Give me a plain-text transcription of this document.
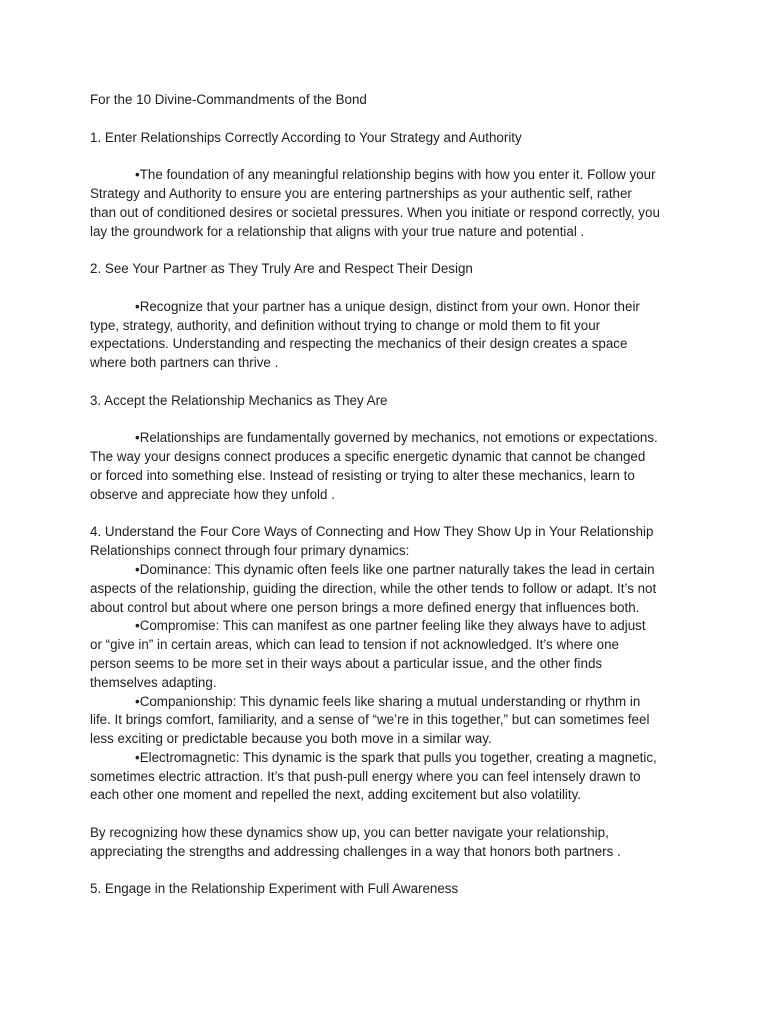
For the 10 Divine-Commandments of the Bond
1. Enter Relationships Correctly According to Your Strategy and Authority
•The foundation of any meaningful relationship begins with how you enter it. Follow your
Strategy and Authority to ensure you are entering partnerships as your authentic self, rather
than out of conditioned desires or societal pressures. When you initiate or respond correctly, you
lay the groundwork for a relationship that aligns with your true nature and potential .
2. See Your Partner as They Truly Are and Respect Their Design
•Recognize that your partner has a unique design, distinct from your own. Honor their
type, strategy, authority, and definition without trying to change or mold them to fit your
expectations. Understanding and respecting the mechanics of their design creates a space
where both partners can thrive .
3. Accept the Relationship Mechanics as They Are
•Relationships are fundamentally governed by mechanics, not emotions or expectations.
The way your designs connect produces a specific energetic dynamic that cannot be changed
or forced into something else. Instead of resisting or trying to alter these mechanics, learn to
observe and appreciate how they unfold .
4. Understand the Four Core Ways of Connecting and How They Show Up in Your Relationship
Relationships connect through four primary dynamics:
•Dominance: This dynamic often feels like one partner naturally takes the lead in certain
aspects of the relationship, guiding the direction, while the other tends to follow or adapt. It’s not
about control but about where one person brings a more defined energy that influences both.
•Compromise: This can manifest as one partner feeling like they always have to adjust
or “give in” in certain areas, which can lead to tension if not acknowledged. It’s where one
person seems to be more set in their ways about a particular issue, and the other finds
themselves adapting.
•Companionship: This dynamic feels like sharing a mutual understanding or rhythm in
life. It brings comfort, familiarity, and a sense of “we’re in this together,” but can sometimes feel
less exciting or predictable because you both move in a similar way.
•Electromagnetic: This dynamic is the spark that pulls you together, creating a magnetic,
sometimes electric attraction. It’s that push-pull energy where you can feel intensely drawn to
each other one moment and repelled the next, adding excitement but also volatility.
By recognizing how these dynamics show up, you can better navigate your relationship,
appreciating the strengths and addressing challenges in a way that honors both partners .
5. Engage in the Relationship Experiment with Full Awareness
